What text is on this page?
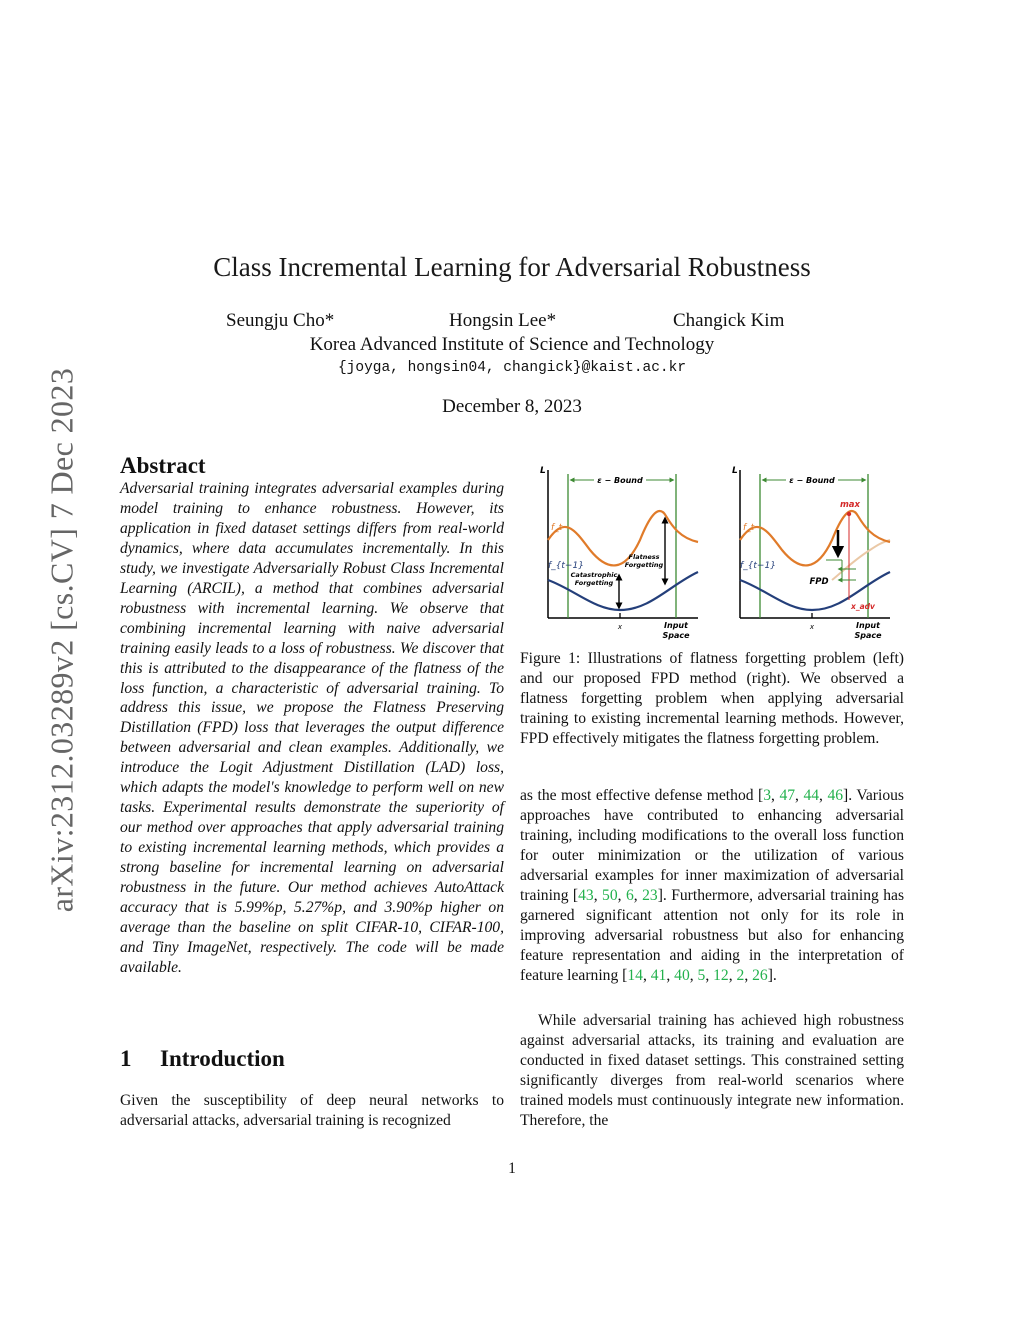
arXiv:2312.03289v2 [cs.CV] 7 Dec 2023
Class Incremental Learning for Adversarial Robustness
Seungju Cho*	Hongsin Lee*	Changick Kim
Korea Advanced Institute of Science and Technology
{joyga, hongsin04, changick}@kaist.ac.kr
December 8, 2023
Abstract
Adversarial training integrates adversarial examples during model training to enhance robustness. However, its application in fixed dataset settings differs from real-world dynamics, where data accumulates incrementally. In this study, we investigate Adversarially Robust Class Incremental Learning (ARCIL), a method that combines adversarial robustness with incremental learning. We observe that combining incremental learning with naive adversarial training easily leads to a loss of robustness. We discover that this is attributed to the disappearance of the flatness of the loss function, a characteristic of adversarial training. To address this issue, we propose the Flatness Preserving Distillation (FPD) loss that leverages the output difference between adversarial and clean examples. Additionally, we introduce the Logit Adjustment Distillation (LAD) loss, which adapts the model's knowledge to perform well on new tasks. Experimental results demonstrate the superiority of our method over approaches that apply adversarial training to existing incremental learning methods, which provides a strong baseline for incremental learning on adversarial robustness in the future. Our method achieves AutoAttack accuracy that is 5.99%p, 5.27%p, and 3.90%p higher on average than the baseline on split CIFAR-10, CIFAR-100, and Tiny ImageNet, respectively. The code will be made available.
1 Introduction
Given the susceptibility of deep neural networks to adversarial attacks, adversarial training is recognized
L
ε − Bound
f_t
f_{t−1}
Flatness
Forgetting
Catastrophic
Forgetting
x	Input
Space
L
ε − Bound
f_t
f_{t−1}
max
FPD
x_adv
x	Input
Space
Figure 1: Illustrations of flatness forgetting problem (left) and our proposed FPD method (right). We observed a flatness forgetting problem when applying adversarial training to existing incremental learning methods. However, FPD effectively mitigates the flatness forgetting problem.
as the most effective defense method [3, 47, 44, 46]. Various approaches have contributed to enhancing adversarial training, including modifications to the overall loss function for outer minimization or the utilization of various adversarial examples for inner maximization of adversarial training [43, 50, 6, 23]. Furthermore, adversarial training has garnered significant attention not only for its role in improving adversarial robustness but also for enhancing feature representation and aiding in the interpretation of feature learning [14, 41, 40, 5, 12, 2, 26].
While adversarial training has achieved high robustness against adversarial attacks, its training and evaluation are conducted in fixed dataset settings. This constrained setting significantly diverges from real-world scenarios where trained models must continuously integrate new information. Therefore, the
1
